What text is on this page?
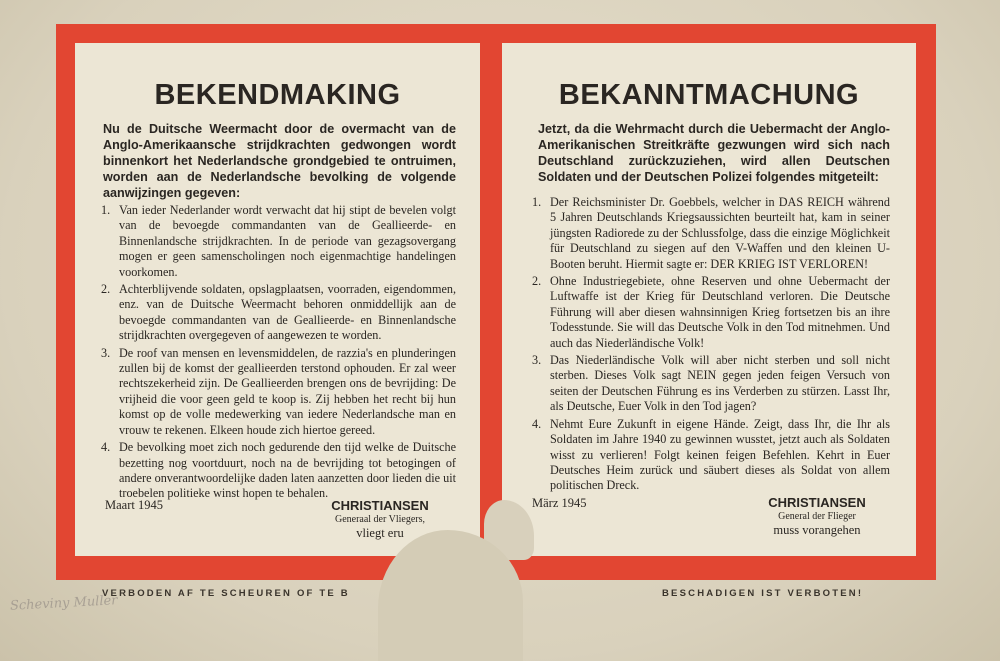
BEKENDMAKING
Nu de Duitsche Weermacht door de overmacht van de Anglo-Amerikaansche strijdkrachten gedwongen wordt binnenkort het Nederlandsche grondgebied te ontruimen, worden aan de Nederlandsche bevolking de volgende aanwijzingen gegeven:
1. Van ieder Nederlander wordt verwacht dat hij stipt de bevelen volgt van de bevoegde commandanten van de Geallieerde- en Binnenlandsche strijdkrachten. In de periode van gezagsovergang mogen er geen samenscholingen noch eigenmachtige handelingen voorkomen.
2. Achterblijvende soldaten, opslagplaatsen, voorraden, eigendommen, enz. van de Duitsche Weermacht behoren onmiddellijk aan de bevoegde commandanten van de Geallieerde- en Binnenlandsche strijdkrachten overgegeven of aangewezen te worden.
3. De roof van mensen en levensmiddelen, de razzia's en plunderingen zullen bij de komst der geallieerden terstond ophouden. Er zal weer rechtszekerheid zijn. De Geallieerden brengen ons de bevrijding: De vrijheid die voor geen geld te koop is. Zij hebben het recht bij hun komst op de volle medewerking van iedere Nederlandsche man en vrouw te rekenen. Elkeen houde zich hiertoe gereed.
4. De bevolking moet zich noch gedurende den tijd welke de Duitsche bezetting nog voortduurt, noch na de bevrijding tot betogingen of andere onverantwoordelijke daden laten aanzetten door lieden die uit troebelen politieke winst hopen te behalen.
Maart 1945	CHRISTIANSEN
Generaal der Vliegers,
vliegt eru
BEKANNTMACHUNG
Jetzt, da die Wehrmacht durch die Uebermacht der Anglo-Amerikanischen Streitkräfte gezwungen wird sich nach Deutschland zurückzuziehen, wird allen Deutschen Soldaten und der Deutschen Polizei folgendes mitgeteilt:
1. Der Reichsminister Dr. Goebbels, welcher in DAS REICH während 5 Jahren Deutschlands Kriegsaussichten beurteilt hat, kam in seiner jüngsten Radiorede zu der Schlussfolge, dass die einzige Möglichkeit für Deutschland zu siegen auf den V-Waffen und den kleinen U-Booten beruht. Hiermit sagte er: DER KRIEG IST VERLOREN!
2. Ohne Industriegebiete, ohne Reserven und ohne Uebermacht der Luftwaffe ist der Krieg für Deutschland verloren. Die Deutsche Führung will aber diesen wahnsinnigen Krieg fortsetzen bis an ihre Todesstunde. Sie will das Deutsche Volk in den Tod mitnehmen. Und auch das Niederländische Volk!
3. Das Niederländische Volk will aber nicht sterben und soll nicht sterben. Dieses Volk sagt NEIN gegen jeden feigen Versuch von seiten der Deutschen Führung es ins Verderben zu stürzen. Lasst Ihr, als Deutsche, Euer Volk in den Tod jagen?
4. Nehmt Eure Zukunft in eigene Hände. Zeigt, dass Ihr, die Ihr als Soldaten im Jahre 1940 zu gewinnen wusstet, jetzt auch als Soldaten wisst zu verlieren! Folgt keinen feigen Befehlen. Kehrt in Euer Deutsches Heim zurück und säubert dieses als Soldat von allem politischen Dreck.
März 1945	CHRISTIANSEN
General der Flieger
muss vorangehen
VERBODEN AF TE SCHEUREN OF TE B	BESCHADIGEN IST VERBOTEN!
Scheviny Muller
